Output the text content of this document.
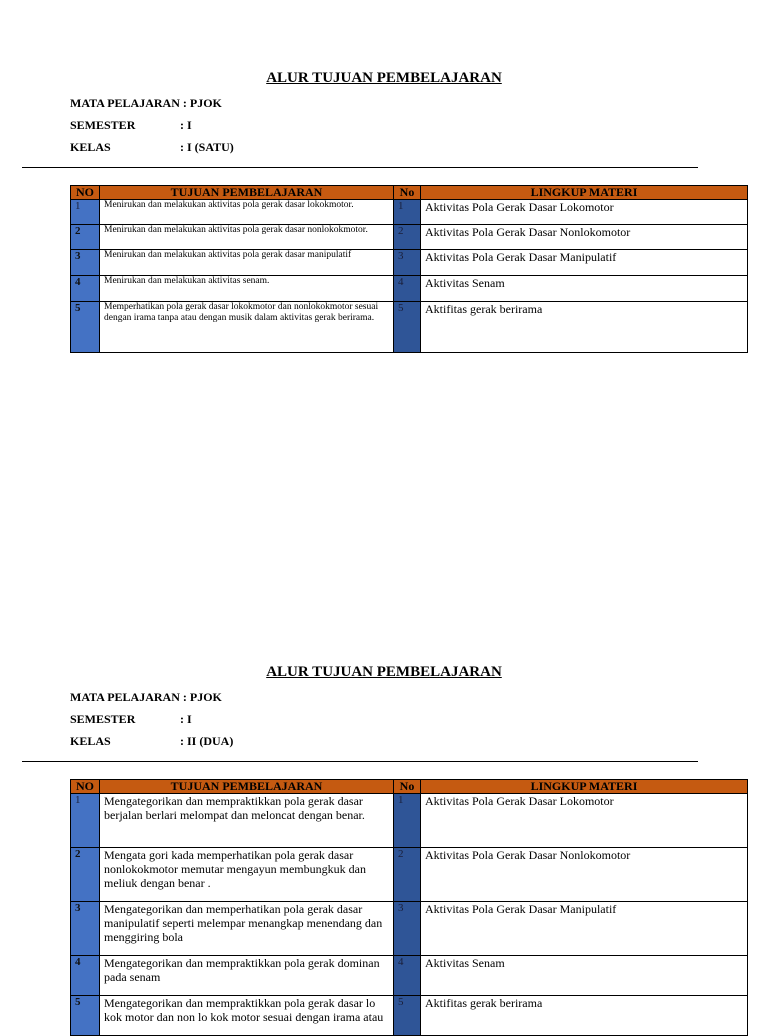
ALUR TUJUAN PEMBELAJARAN
MATA PELAJARAN : PJOK
SEMESTER	: I
KELAS	: I (SATU)
NO	TUJUAN PEMBELAJARAN	No	LINGKUP MATERI
1	Menirukan dan melakukan aktivitas pola gerak dasar lokokmotor.	1	Aktivitas Pola Gerak Dasar Lokomotor
2	Menirukan dan melakukan aktivitas pola gerak dasar nonlokokmotor.	2	Aktivitas Pola Gerak Dasar Nonlokomotor
3	Menirukan dan melakukan aktivitas pola gerak dasar manipulatif	3	Aktivitas Pola Gerak Dasar Manipulatif
4	Menirukan dan melakukan aktivitas senam.	4	Aktivitas Senam
5	Memperhatikan pola gerak dasar lokokmotor dan nonlokokmotor sesuai dengan irama tanpa atau dengan musik dalam aktivitas gerak berirama.	5	Aktifitas gerak berirama
ALUR TUJUAN PEMBELAJARAN
MATA PELAJARAN : PJOK
SEMESTER	: I
KELAS	: II (DUA)
NO	TUJUAN PEMBELAJARAN	No	LINGKUP MATERI
1	Mengategorikan dan mempraktikkan pola gerak dasar berjalan berlari melompat dan meloncat dengan benar.	1	Aktivitas Pola Gerak Dasar Lokomotor
2	Mengata gori kada memperhatikan pola gerak dasar nonlokokmotor memutar mengayun membungkuk dan meliuk dengan benar .	2	Aktivitas Pola Gerak Dasar Nonlokomotor
3	Mengategorikan dan memperhatikan pola gerak dasar manipulatif seperti melempar menangkap menendang dan menggiring bola	3	Aktivitas Pola Gerak Dasar Manipulatif
4	Mengategorikan dan mempraktikkan pola gerak dominan pada senam	4	Aktivitas Senam
5	Mengategorikan dan mempraktikkan pola gerak dasar lo kok motor dan non lo kok motor sesuai dengan irama atau	5	Aktifitas gerak berirama
